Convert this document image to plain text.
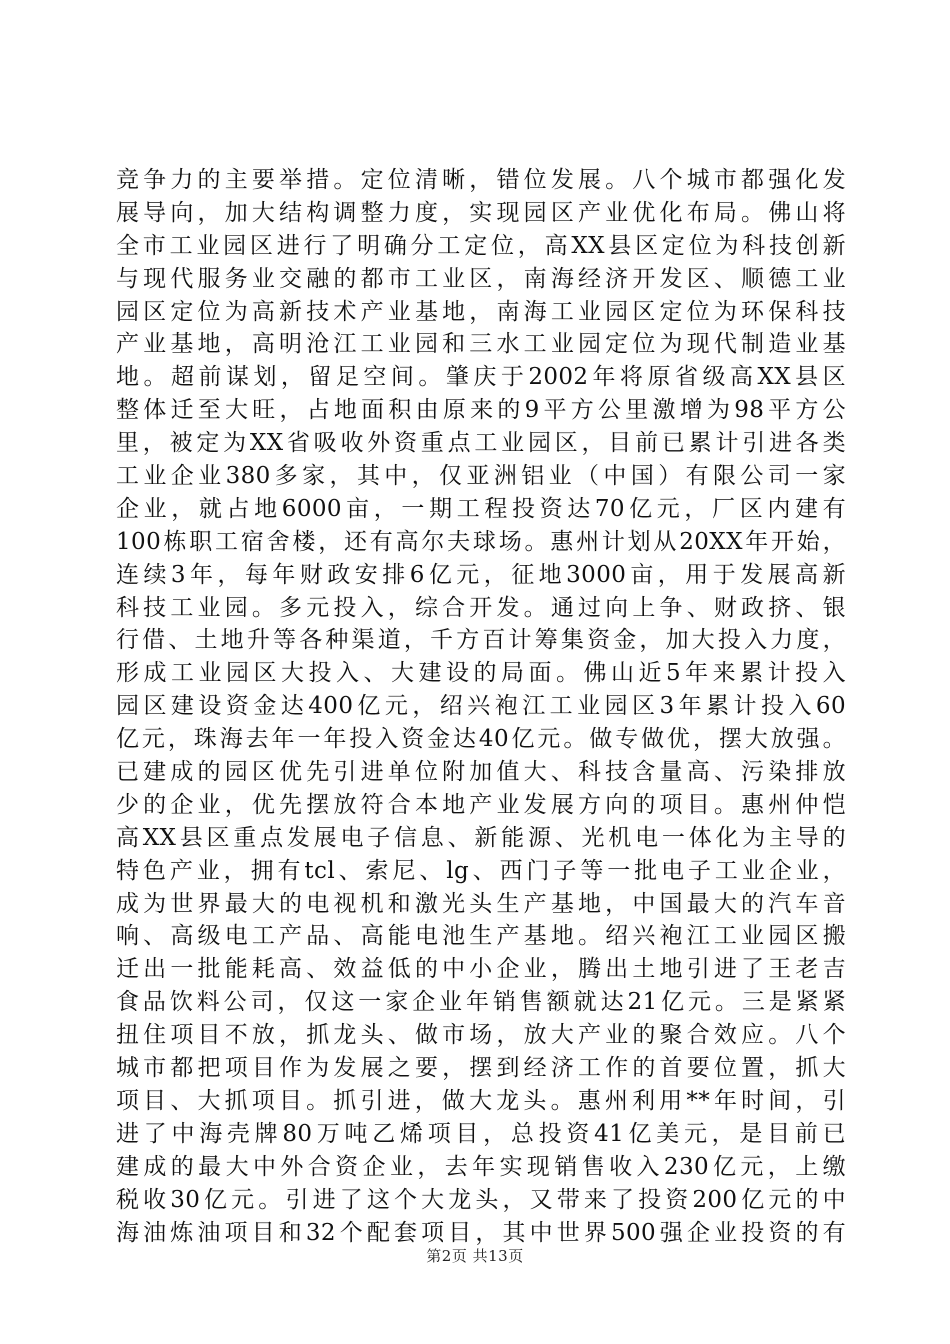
竞争力的主要举措。定位清晰，错位发展。八个城市都强化发
展导向，加大结构调整力度，实现园区产业优化布局。佛山将
全市工业园区进行了明确分工定位，高XX县区定位为科技创新
与现代服务业交融的都市工业区，南海经济开发区、顺德工业
园区定位为高新技术产业基地，南海工业园区定位为环保科技
产业基地，高明沧江工业园和三水工业园定位为现代制造业基
地。超前谋划，留足空间。肇庆于2002年将原省级高XX县区
整体迁至大旺，占地面积由原来的9平方公里激增为98平方公
里，被定为XX省吸收外资重点工业园区，目前已累计引进各类
工业企业380多家，其中，仅亚洲铝业（中国）有限公司一家
企业，就占地6000亩，一期工程投资达70亿元，厂区内建有
100栋职工宿舍楼，还有高尔夫球场。惠州计划从20XX年开始，
连续3年，每年财政安排6亿元，征地3000亩，用于发展高新
科技工业园。多元投入，综合开发。通过向上争、财政挤、银
行借、土地升等各种渠道，千方百计筹集资金，加大投入力度，
形成工业园区大投入、大建设的局面。佛山近5年来累计投入
园区建设资金达400亿元，绍兴袍江工业园区3年累计投入60
亿元，珠海去年一年投入资金达40亿元。做专做优，摆大放强。
已建成的园区优先引进单位附加值大、科技含量高、污染排放
少的企业，优先摆放符合本地产业发展方向的项目。惠州仲恺
高XX县区重点发展电子信息、新能源、光机电一体化为主导的
特色产业，拥有tcl、索尼、lg、西门子等一批电子工业企业，
成为世界最大的电视机和激光头生产基地，中国最大的汽车音
响、高级电工产品、高能电池生产基地。绍兴袍江工业园区搬
迁出一批能耗高、效益低的中小企业，腾出土地引进了王老吉
食品饮料公司，仅这一家企业年销售额就达21亿元。三是紧紧
扭住项目不放，抓龙头、做市场，放大产业的聚合效应。八个
城市都把项目作为发展之要，摆到经济工作的首要位置，抓大
项目、大抓项目。抓引进，做大龙头。惠州利用**年时间，引
进了中海壳牌80万吨乙烯项目，总投资41亿美元，是目前已
建成的最大中外合资企业，去年实现销售收入230亿元，上缴
税收30亿元。引进了这个大龙头，又带来了投资200亿元的中
海油炼油项目和32个配套项目，其中世界500强企业投资的有
第2页 共13页
